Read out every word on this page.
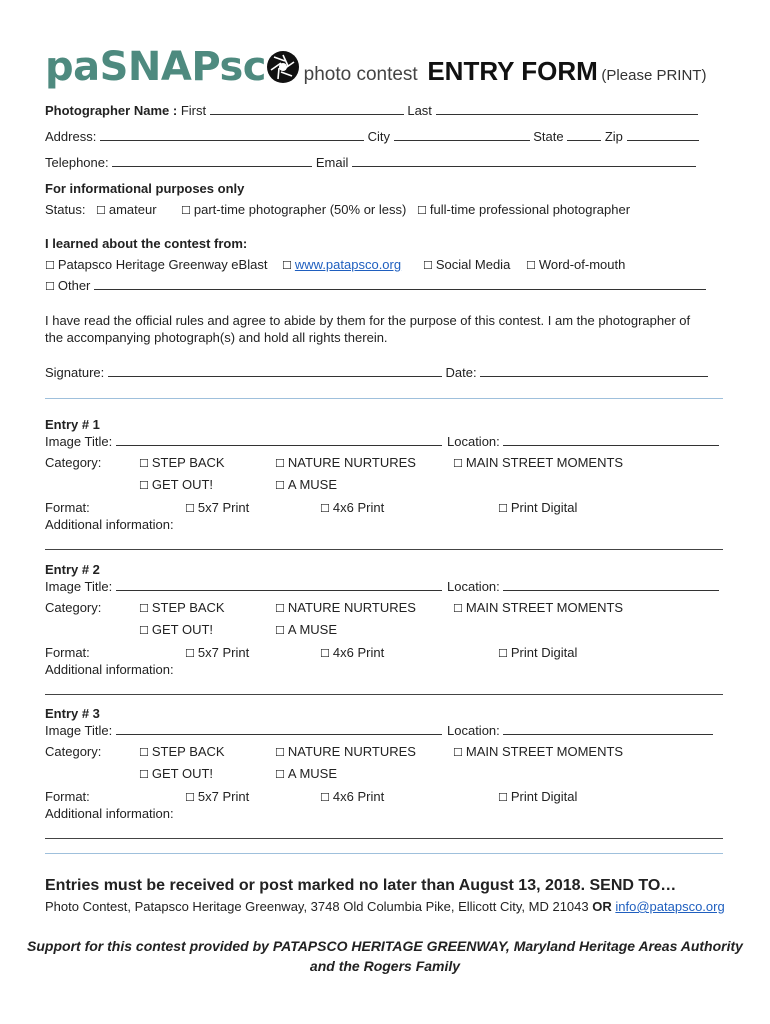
paSNAPsc photo contest ENTRY FORM (Please PRINT)
Photographer Name : First	Last
Address:	City	State	Zip
Telephone:	Email
For informational purposes only
Status: ☐ amateur ☐ part-time photographer (50% or less) ☐ full-time professional photographer
I learned about the contest from:
☐ Patapsco Heritage Greenway eBlast ☐ www.patapsco.org ☐ Social Media ☐ Word-of-mouth
☐ Other
I have read the official rules and agree to abide by them for the purpose of this contest. I am the photographer of
the accompanying photograph(s) and hold all rights therein.
Signature:	Date:
Entry # 1
Image Title:	Location:
Category:	☐ STEP BACK	☐ NATURE NURTURES	☐ MAIN STREET MOMENTS
☐ GET OUT!	☐ A MUSE
Format:	☐ 5x7 Print	☐ 4x6 Print	☐ Print Digital
Additional information:
Entry # 2
Image Title:	Location:
Category:	☐ STEP BACK	☐ NATURE NURTURES	☐ MAIN STREET MOMENTS
☐ GET OUT!	☐ A MUSE
Format:	☐ 5x7 Print	☐ 4x6 Print	☐ Print Digital
Additional information:
Entry # 3
Image Title:	Location:
Category:	☐ STEP BACK	☐ NATURE NURTURES	☐ MAIN STREET MOMENTS
☐ GET OUT!	☐ A MUSE
Format:	☐ 5x7 Print	☐ 4x6 Print	☐ Print Digital
Additional information:
Entries must be received or post marked no later than August 13, 2018. SEND TO…
Photo Contest, Patapsco Heritage Greenway, 3748 Old Columbia Pike, Ellicott City, MD 21043 OR info@patapsco.org
Support for this contest provided by PATAPSCO HERITAGE GREENWAY, Maryland Heritage Areas Authority
and the Rogers Family
